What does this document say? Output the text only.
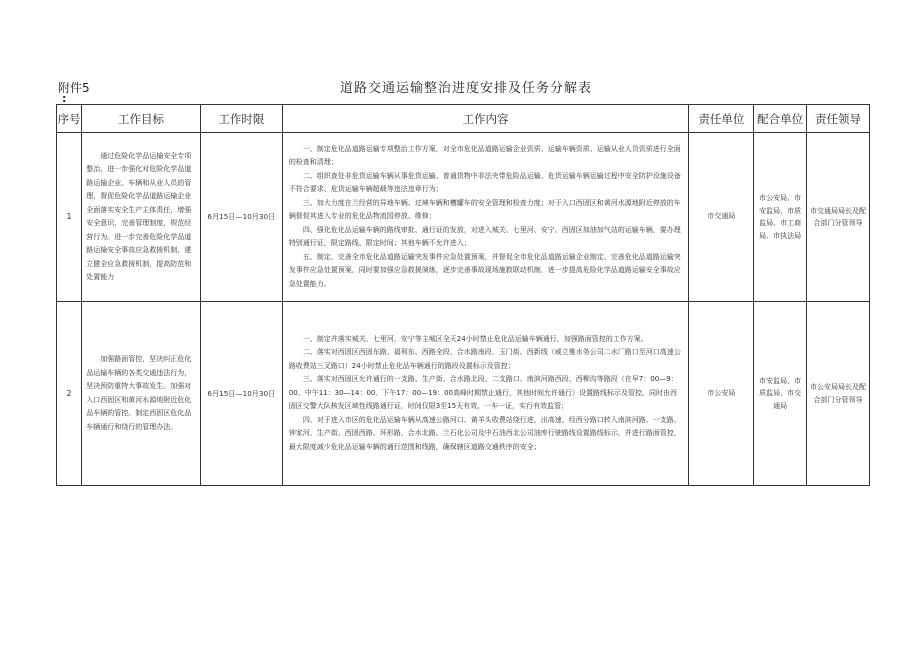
附件5
:
道路交通运输整治进度安排及任务分解表
序号	工作目标	工作时限	工作内容	责任单位	配合单位	责任领导
1	通过危险化学品运输安全专项整治，进一步强化对危险化学品道路运输企业、车辆和从业人员的管理，督促危险化学品道路运输企业全面落实安全生产主体责任，增强安全意识，完善管理制度，规范经营行为。进一步完善危险化学品道路运输安全事故应急救援机制，建立健全应急救援机制，提高防范和处置能力	6月15日—10月30日	一、制定危化品道路运输专项整治工作方案，对全市危化品道路运输企业资质、运输车辆资质、运输从业人员资质进行全面的检查和清理；

二、组织查处非危货运输车辆从事危货运输、普通货物中非法夹带危险品运输、危货运输车辆运输过程中安全防护设施设备不符合要求、危货运输车辆超载等违法违章行为；

三、加大力度在兰经营的异地车辆、过境车辆和槽罐车的安全管理和检查力度；对于入口西固区和黄河水源地附近停放的车辆督促其进入专业的危化品物流园停放、维修；

四、强化危化品运输车辆的路线审批、通行证的发放，对进入城关、七里河、安宁、西固区加油加气站的运输车辆，要办理特别通行证，限定路线、限定时间；其他车辆不允许进入；

五、制定、完善全市危化品道路运输突发事件应急处置预案，并督促全市危化品道路运输企业制定、完善危化品道路运输突发事件应急处置预案，同时要加强应急救援演练，逐步完善事故现场施救联动机制，进一步提高危险化学品道路运输安全事故应急处置能力。	市交通局	市公安局、市安监局、市质监局、市工商局、市执法局	市交通局局长及配合部门分管领导
2	加强路面管控，坚决纠正危化品运输车辆的各类交通违法行为，坚决预防重特大事故发生。加强对入口西固区和黄河水源地附近危化品车辆的管控。制定西固区危化品车辆通行和绕行的管理办法。	6月15日—10月30日	一、制定并落实城关、七里河、安宁等主城区全天24小时禁止危化品运输车辆通行，加强路面管控的工作方案。

二、落实对西固区西固东路、福利东、西路全段、合水路南段、玉门街、西新线（威立雅水务公司二水厂路口至河口高速公路收费站三叉路口）24小时禁止危化品车辆通行的路段设置标示及管控；

三、落实对西固区允许通行的一支路、生产街、合水路北段、二支路口、南滨河路西段、西柳沟等路段（在早7：00—9：00、中午11：30—14：00、下午17：00—19：00高峰时期禁止通行，其他时间允许通行）设置路线标示及管控。同时由西固区交警大队核发区域性线路通行证，时间仅限3至15天有效，一车一证，实行有效监管；

四、对于进入市区的危化品运输车辆从高速公路河口、黄羊头收费站绕行进、出高速，经西分路口转入南滨河路、一支路、钟家河、生产街、西固西路、环形路、合水北路、兰石化公司及中石油西北公司油库行驶路线设置路线标示，并进行路面管控，最大限度减少危化品运输车辆的通行范围和线路，确保辖区道路交通秩序的安全；	市公安局	市安监局、市质监局、市交通局	市公安局局长及配合部门分管领导
